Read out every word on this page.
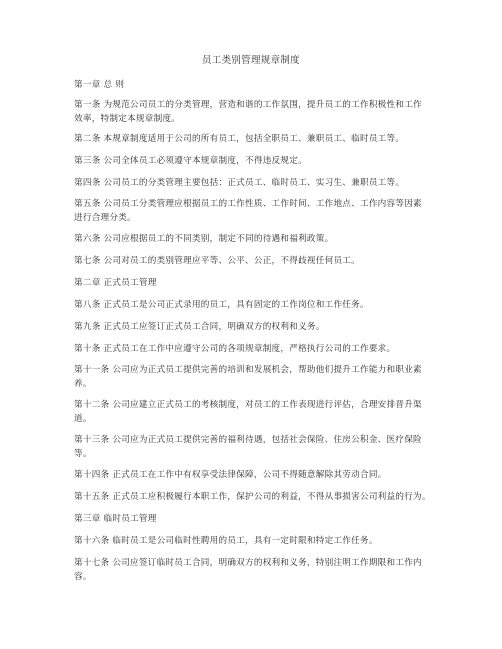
员工类别管理规章制度
第一章 总 则
第一条 为规范公司员工的分类管理，营造和谐的工作氛围，提升员工的工作积极性和工作
效率，特制定本规章制度。
第二条 本规章制度适用于公司的所有员工，包括全职员工、兼职员工、临时员工等。
第三条 公司全体员工必须遵守本规章制度，不得违反规定。
第四条 公司员工的分类管理主要包括：正式员工、临时员工、实习生、兼职员工等。
第五条 公司员工分类管理应根据员工的工作性质、工作时间、工作地点、工作内容等因素
进行合理分类。
第六条 公司应根据员工的不同类别，制定不同的待遇和福利政策。
第七条 公司对员工的类别管理应平等、公平、公正，不得歧视任何员工。
第二章 正式员工管理
第八条 正式员工是公司正式录用的员工，具有固定的工作岗位和工作任务。
第九条 正式员工应签订正式员工合同，明确双方的权利和义务。
第十条 正式员工在工作中应遵守公司的各项规章制度，严格执行公司的工作要求。
第十一条 公司应为正式员工提供完善的培训和发展机会，帮助他们提升工作能力和职业素
养。
第十二条 公司应建立正式员工的考核制度，对员工的工作表现进行评估，合理安排晋升渠
道。
第十三条 公司应为正式员工提供完善的福利待遇，包括社会保险、住房公积金、医疗保险
等。
第十四条 正式员工在工作中有权享受法律保障，公司不得随意解除其劳动合同。
第十五条 正式员工应积极履行本职工作，保护公司的利益，不得从事损害公司利益的行为。
第三章 临时员工管理
第十六条 临时员工是公司临时性聘用的员工，具有一定时限和特定工作任务。
第十七条 公司应签订临时员工合同，明确双方的权利和义务，特别注明工作期限和工作内
容。
